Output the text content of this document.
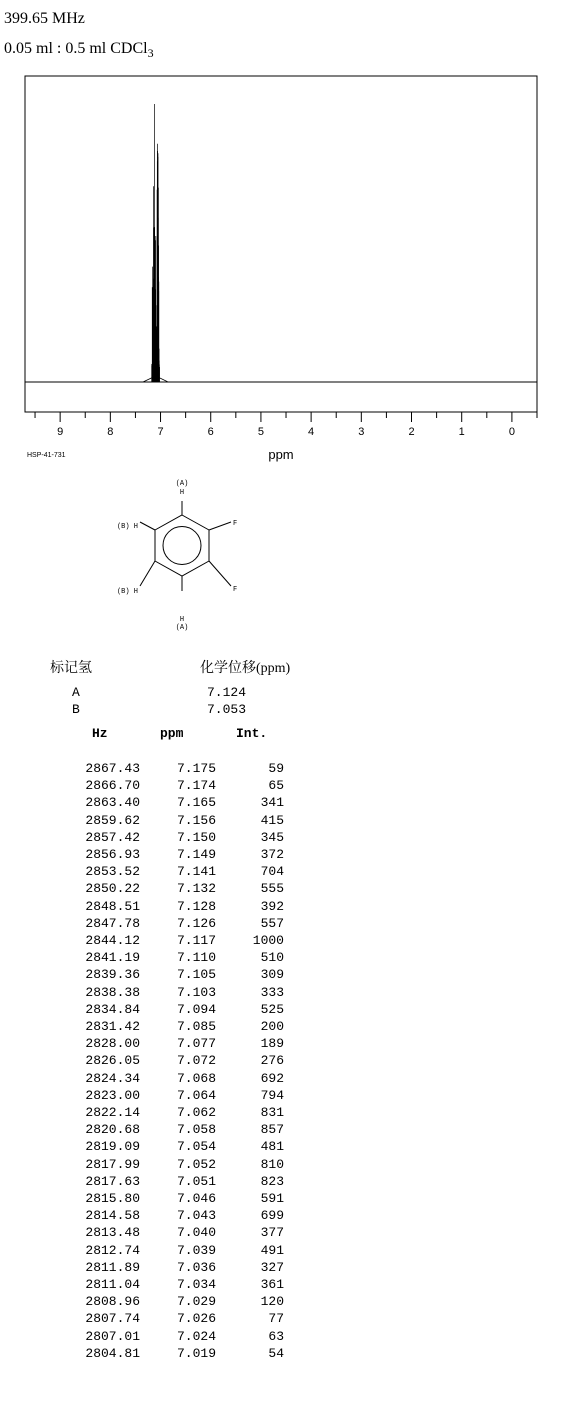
399.65 MHz
0.05 ml : 0.5 ml CDCl$_3$
9	8	7	6	5	4	3	2	1	0
ppm
HSP-41-731
(A)
H
F
F
H
(A)
(B) H
(B) H
标记氢	化学位移(ppm)
A	7.124
B	7.053
Hz	ppm	Int.
2867.43	7.175	59
2866.70	7.174	65
2863.40	7.165	341
2859.62	7.156	415
2857.42	7.150	345
2856.93	7.149	372
2853.52	7.141	704
2850.22	7.132	555
2848.51	7.128	392
2847.78	7.126	557
2844.12	7.117	1000
2841.19	7.110	510
2839.36	7.105	309
2838.38	7.103	333
2834.84	7.094	525
2831.42	7.085	200
2828.00	7.077	189
2826.05	7.072	276
2824.34	7.068	692
2823.00	7.064	794
2822.14	7.062	831
2820.68	7.058	857
2819.09	7.054	481
2817.99	7.052	810
2817.63	7.051	823
2815.80	7.046	591
2814.58	7.043	699
2813.48	7.040	377
2812.74	7.039	491
2811.89	7.036	327
2811.04	7.034	361
2808.96	7.029	120
2807.74	7.026	77
2807.01	7.024	63
2804.81	7.019	54
